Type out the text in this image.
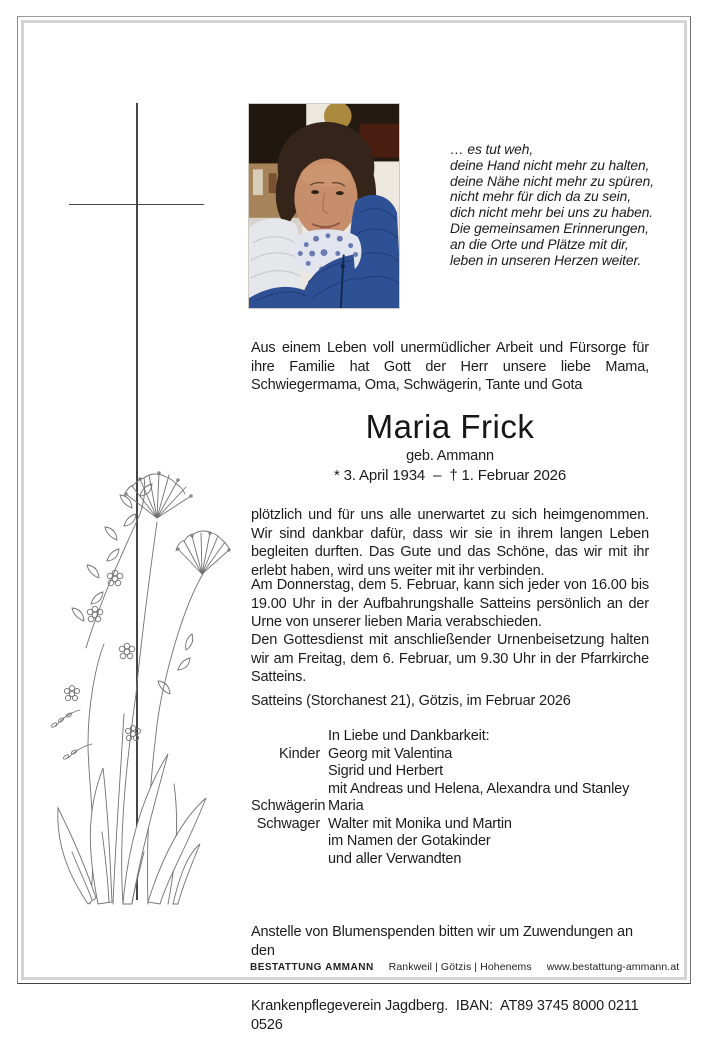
… es tut weh,
deine Hand nicht mehr zu halten,
deine Nähe nicht mehr zu spüren,
nicht mehr für dich da zu sein,
dich nicht mehr bei uns zu haben.
Die gemeinsamen Erinnerungen,
an die Orte und Plätze mit dir,
leben in unseren Herzen weiter.
Aus einem Leben voll unermüdlicher Arbeit und Fürsorge für ihre Familie hat Gott der Herr unsere liebe Mama, Schwiegermama, Oma, Schwägerin, Tante und Gota
Maria Frick
geb. Ammann
* 3. April 1934  –  † 1. Februar 2026
plötzlich und für uns alle unerwartet zu sich heimgenommen. Wir sind dankbar dafür, dass wir sie in ihrem langen Leben begleiten durften. Das Gute und das Schöne, das wir mit ihr erlebt haben, wird uns weiter mit ihr verbinden.
Am Donnerstag, dem 5. Februar, kann sich jeder von 16.00 bis 19.00 Uhr in der Aufbahrungshalle Satteins persönlich an der Urne von unserer lieben Maria verabschieden.
Den Gottesdienst mit anschließender Urnenbeisetzung halten wir am Freitag, dem 6. Februar, um 9.30 Uhr in der Pfarrkirche Satteins.
Satteins (Storchanest 21), Götzis, im Februar 2026
In Liebe und Dankbarkeit:
Kinder Georg mit Valentina
Sigrid und Herbert
mit Andreas und Helena, Alexandra und Stanley
Schwägerin Maria
Schwager Walter mit Monika und Martin
im Namen der Gotakinder
und aller Verwandten

Anstelle von Blumenspenden bitten wir um Zuwendungen an den

Krankenpflegeverein Jagdberg.  IBAN:  AT89 3745 8000 0211 0526

BESTATTUNG AMMANN Rankweil | Götzis | Hohenems www.bestattung-ammann.at
